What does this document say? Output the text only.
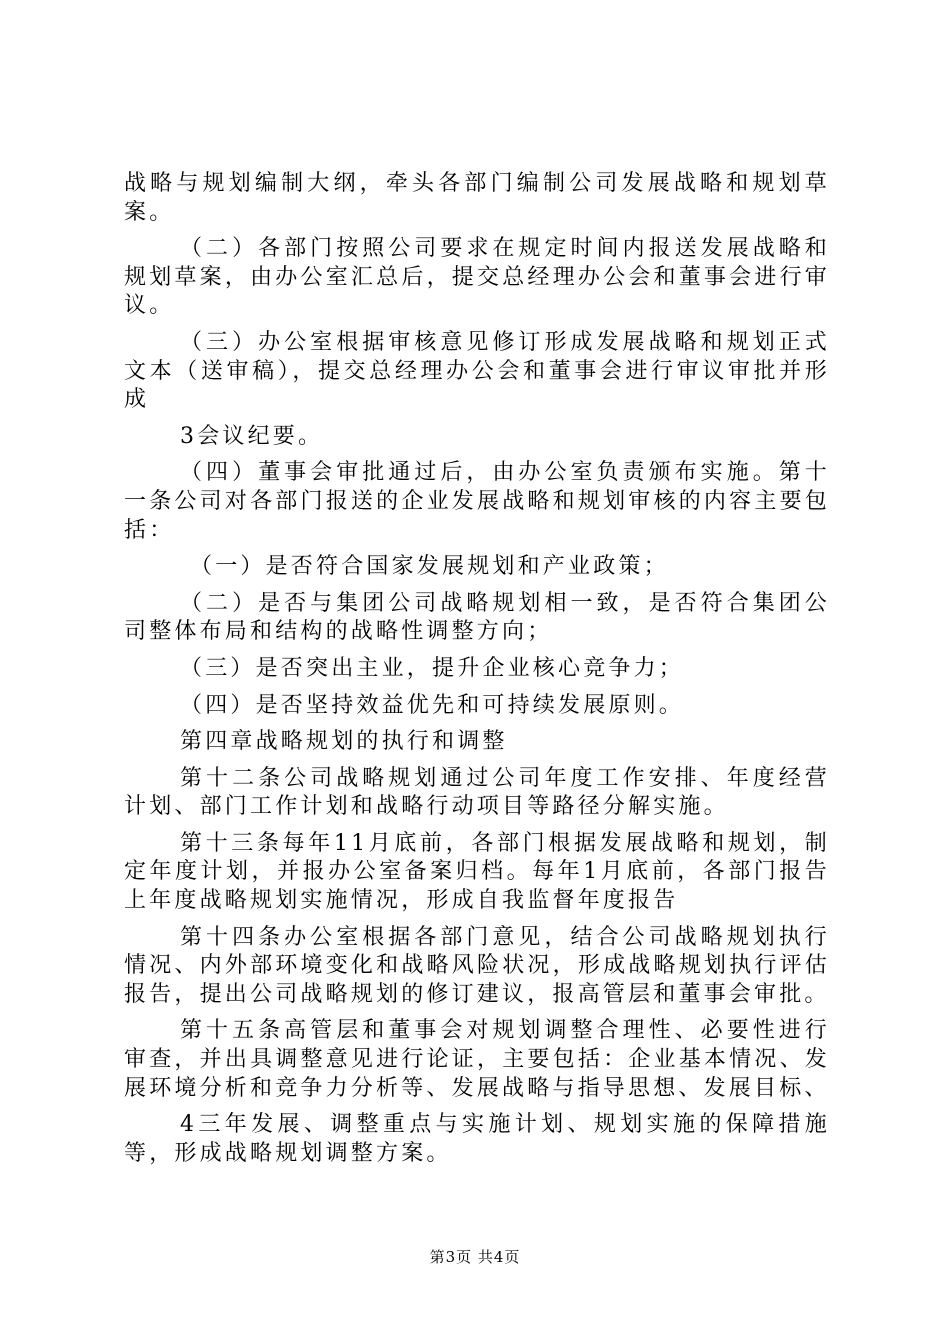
战略与规划编制大纲，牵头各部门编制公司发展战略和规划草案。

（二）各部门按照公司要求在规定时间内报送发展战略和规划草案，由办公室汇总后，提交总经理办公会和董事会进行审议。

（三）办公室根据审核意见修订形成发展战略和规划正式文本（送审稿），提交总经理办公会和董事会进行审议审批并形成

3会议纪要。

（四）董事会审批通过后，由办公室负责颁布实施。第十一条公司对各部门报送的企业发展战略和规划审核的内容主要包括：

（一）是否符合国家发展规划和产业政策；

（二）是否与集团公司战略规划相一致，是否符合集团公司整体布局和结构的战略性调整方向；

（三）是否突出主业，提升企业核心竞争力；

（四）是否坚持效益优先和可持续发展原则。

第四章战略规划的执行和调整

第十二条公司战略规划通过公司年度工作安排、年度经营计划、部门工作计划和战略行动项目等路径分解实施。

第十三条每年11月底前，各部门根据发展战略和规划，制定年度计划，并报办公室备案归档。每年1月底前，各部门报告上年度战略规划实施情况，形成自我监督年度报告

第十四条办公室根据各部门意见，结合公司战略规划执行情况、内外部环境变化和战略风险状况，形成战略规划执行评估报告，提出公司战略规划的修订建议，报高管层和董事会审批。

第十五条高管层和董事会对规划调整合理性、必要性进行审查，并出具调整意见进行论证，主要包括：企业基本情况、发展环境分析和竞争力分析等、发展战略与指导思想、发展目标、

4三年发展、调整重点与实施计划、规划实施的保障措施等，形成战略规划调整方案。

第3页 共4页
